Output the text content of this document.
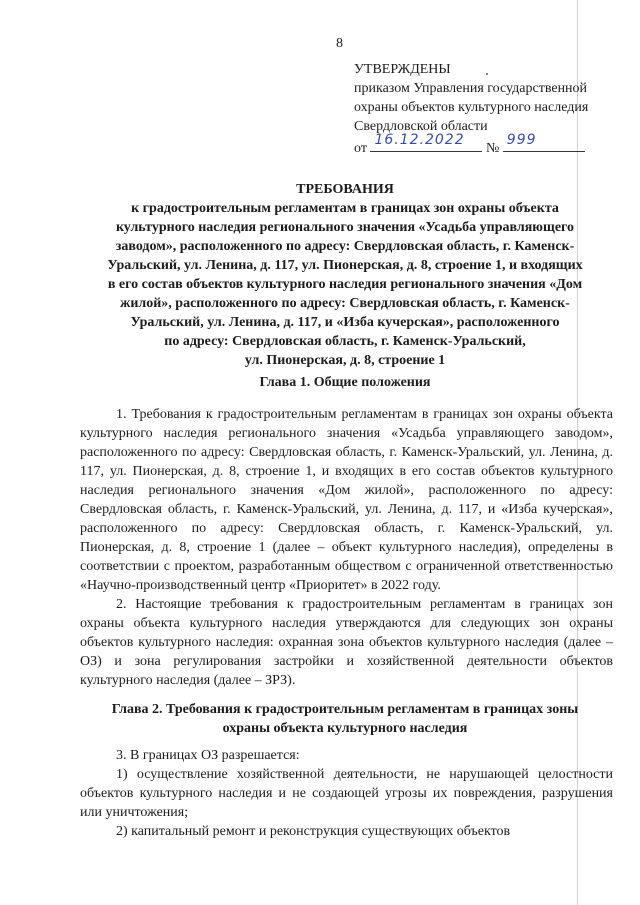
8
УТВЕРЖДЕНЫ
приказом Управления государственной
охраны объектов культурного наследия
Свердловской области
от
16.12.2022
№
999
ТРЕБОВАНИЯ
к градостроительным регламентам в границах зон охраны объекта
культурного наследия регионального значения «Усадьба управляющего
заводом», расположенного по адресу: Свердловская область, г. Каменск-
Уральский, ул. Ленина, д. 117, ул. Пионерская, д. 8, строение 1, и входящих
в его состав объектов культурного наследия регионального значения «Дом
жилой», расположенного по адресу: Свердловская область, г. Каменск-
Уральский, ул. Ленина, д. 117, и «Изба кучерская», расположенного
по адресу: Свердловская область, г. Каменск-Уральский,
ул. Пионерская, д. 8, строение 1
Глава 1. Общие положения

1. Требования к градостроительным регламентам в границах зон охраны объекта культурного наследия регионального значения «Усадьба управляющего заводом», расположенного по адресу: Свердловская область, г. Каменск-Уральский, ул. Ленина, д. 117, ул. Пионерская, д. 8, строение 1, и входящих в его состав объектов культурного наследия регионального значения «Дом жилой», расположенного по адресу: Свердловская область, г. Каменск-Уральский, ул. Ленина, д. 117, и «Изба кучерская», расположенного по адресу: Свердловская область, г. Каменск-Уральский, ул. Пионерская, д. 8, строение 1 (далее – объект культурного наследия), определены в соответствии с проектом, разработанным обществом с ограниченной ответственностью «Научно-производственный центр «Приоритет» в 2022 году.

2. Настоящие требования к градостроительным регламентам в границах зон охраны объекта культурного наследия утверждаются для следующих зон охраны объектов культурного наследия: охранная зона объектов культурного наследия (далее – ОЗ) и зона регулирования застройки и хозяйственной деятельности объектов культурного наследия (далее – ЗРЗ).

Глава 2. Требования к градостроительным регламентам в границах зоны
охраны объекта культурного наследия

3. В границах ОЗ разрешается:

1) осуществление хозяйственной деятельности, не нарушающей целостности объектов культурного наследия и не создающей угрозы их повреждения, разрушения или уничтожения;

2) капитальный ремонт и реконструкция существующих объектов
